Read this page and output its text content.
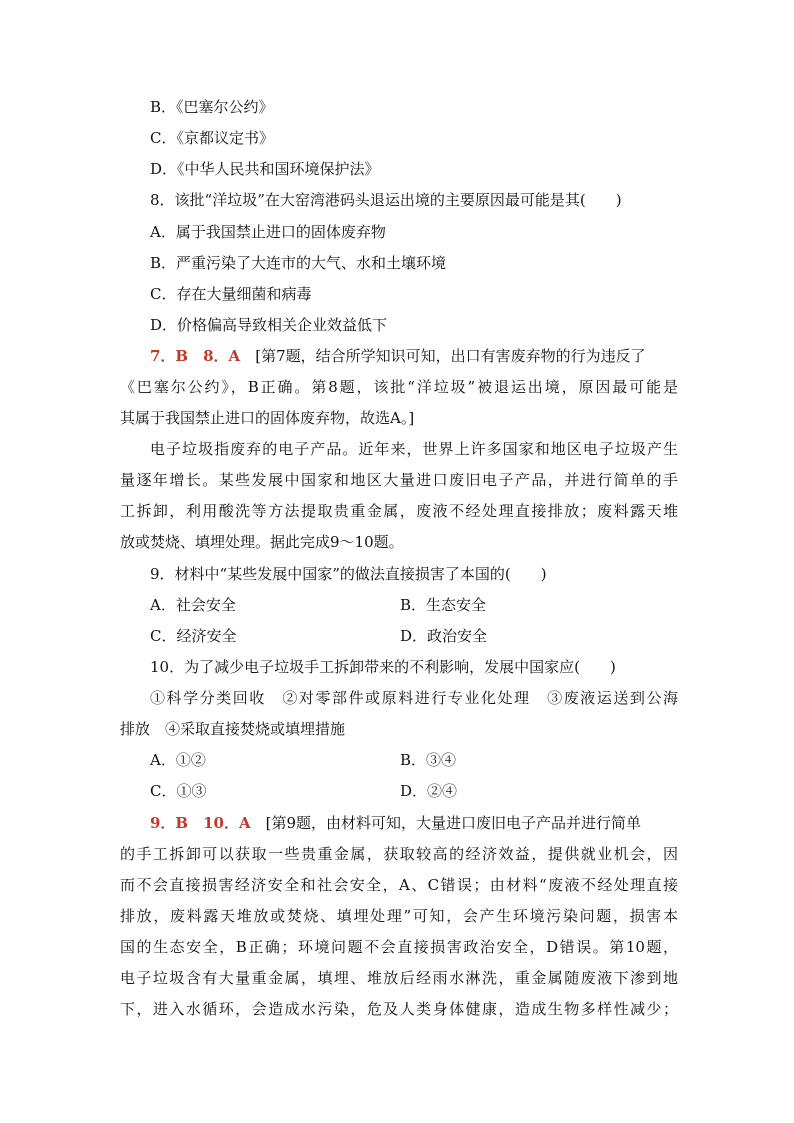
B．《巴塞尔公约》
C．《京都议定书》
D．《中华人民共和国环境保护法》
8．该批“洋垃圾”在大窑湾港码头退运出境的主要原因最可能是其(　　)
A．属于我国禁止进口的固体废弃物
B．严重污染了大连市的大气、水和土壤环境
C．存在大量细菌和病毒
D．价格偏高导致相关企业效益低下
7．B　8．A　 [第7题，结合所学知识可知，出口有害废弃物的行为违反了
《巴塞尔公约》，B正确。第8题，该批“洋垃圾”被退运出境，原因最可能是
其属于我国禁止进口的固体废弃物，故选A。]
电子垃圾指废弃的电子产品。近年来，世界上许多国家和地区电子垃圾产生
量逐年增长。某些发展中国家和地区大量进口废旧电子产品，并进行简单的手
工拆卸，利用酸洗等方法提取贵重金属，废液不经处理直接排放；废料露天堆
放或焚烧、填埋处理。据此完成9～10题。
9．材料中“某些发展中国家”的做法直接损害了本国的(　　)
A．社会安全	B．生态安全
C．经济安全	D．政治安全
10．为了减少电子垃圾手工拆卸带来的不利影响，发展中国家应(　　)
①科学分类回收　②对零部件或原料进行专业化处理　③废液运送到公海
排放　④采取直接焚烧或填埋措施
A．①②	B．③④
C．①③	D．②④
9．B　10．A　 [第9题，由材料可知，大量进口废旧电子产品并进行简单
的手工拆卸可以获取一些贵重金属，获取较高的经济效益，提供就业机会，因
而不会直接损害经济安全和社会安全，A、C错误；由材料“废液不经处理直接
排放，废料露天堆放或焚烧、填埋处理”可知，会产生环境污染问题，损害本
国的生态安全，B正确；环境问题不会直接损害政治安全，D错误。第10题，
电子垃圾含有大量重金属，填埋、堆放后经雨水淋洗，重金属随废液下渗到地
下，进入水循环，会造成水污染，危及人类身体健康，造成生物多样性减少；
